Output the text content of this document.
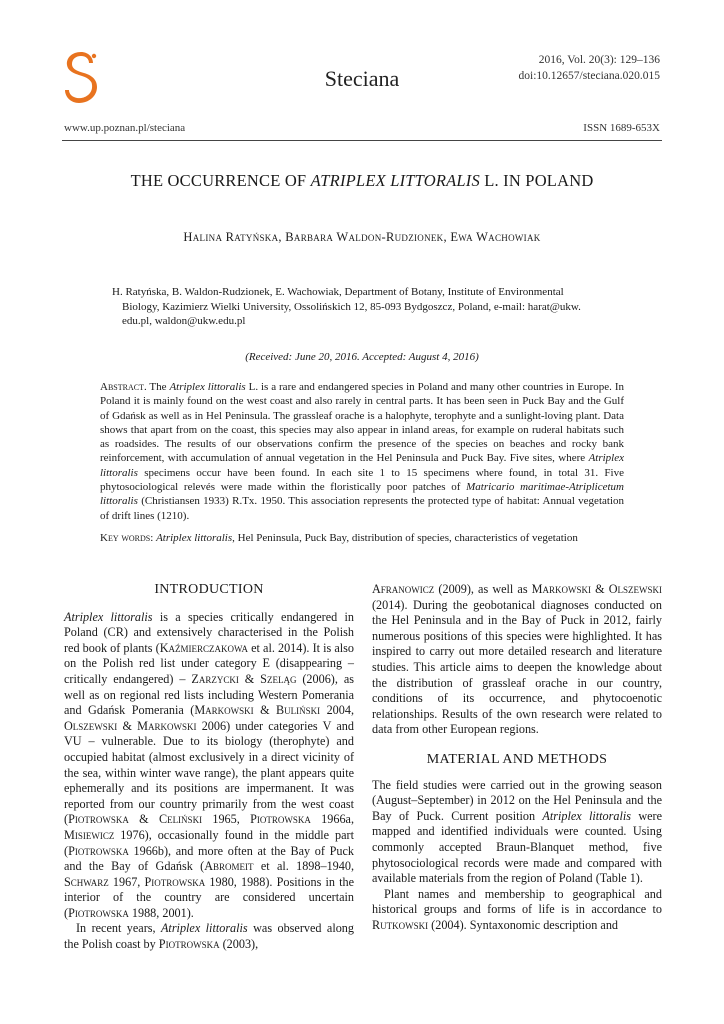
Steciana
2016, Vol. 20(3): 129–136
doi:10.12657/steciana.020.015
www.up.poznan.pl/steciana	ISSN 1689-653X
THE OCCURRENCE OF ATRIPLEX LITTORALIS L. IN POLAND
Halina Ratyńska, Barbara Waldon-Rudzionek, Ewa Wachowiak
H. Ratyńska, B. Waldon-Rudzionek, E. Wachowiak, Department of Botany, Institute of Environmental
Biology, Kazimierz Wielki University, Ossolińskich 12, 85-093 Bydgoszcz, Poland, e-mail: harat@ukw.
edu.pl, waldon@ukw.edu.pl
(Received: June 20, 2016. Accepted: August 4, 2016)
Abstract. The Atriplex littoralis L. is a rare and endangered species in Poland and many other countries in Europe. In Poland it is mainly found on the west coast and also rarely in central parts. It has been seen in Puck Bay and the Gulf of Gdańsk as well as in Hel Peninsula. The grassleaf orache is a halophyte, terophyte and a sunlight-loving plant. Data shows that apart from on the coast, this species may also appear in inland areas, for example on ruderal habitats such as roadsides. The results of our observations confirm the presence of the species on beaches and rocky bank reinforcement, with accumulation of annual vegetation in the Hel Peninsula and Puck Bay. Five sites, where Atriplex littoralis specimens occur have been found. In each site 1 to 15 specimens where found, in total 31. Five phytosociological relevés were made within the floristically poor patches of Matricario maritimae-Atriplicetum littoralis (Christiansen 1933) R.Tx. 1950. This association represents the protected type of habitat: Annual vegetation of drift lines (1210).
Key words: Atriplex littoralis, Hel Peninsula, Puck Bay, distribution of species, characteristics of vegetation
INTRODUCTION

Atriplex littoralis is a species critically endangered in Poland (CR) and extensively characterised in the Polish red book of plants (Kaźmierczakowa et al. 2014). It is also on the Polish red list under category E (disappearing – critically endangered) – Zarzycki & Szeląg (2006), as well as on regional red lists including Western Pomerania and Gdańsk Pomerania (Markowski & Buliński 2004, Olszewski & Markowski 2006) under categories V and VU – vulnerable. Due to its biology (therophyte) and occupied habitat (almost exclusively in a direct vicinity of the sea, within winter wave range), the plant appears quite ephemerally and its positions are impermanent. It was reported from our country primarily from the west coast (Piotrowska & Celiński 1965, Piotrowska 1966a, Misiewicz 1976), occasionally found in the middle part (Piotrowska 1966b), and more often at the Bay of Puck and the Bay of Gdańsk (Abromeit et al. 1898–1940, Schwarz 1967, Piotrowska 1980, 1988). Positions in the interior of the country are considered uncertain (Piotrowska 1988, 2001).

In recent years, Atriplex littoralis was observed along the Polish coast by Piotrowska (2003),

Afranowicz (2009), as well as Markowski & Olszewski (2014). During the geobotanical diagnoses conducted on the Hel Peninsula and in the Bay of Puck in 2012, fairly numerous positions of this species were highlighted. It has inspired to carry out more detailed research and literature studies. This article aims to deepen the knowledge about the distribution of grassleaf orache in our country, conditions of its occurrence, and phytocoenotic relationships. Results of the own research were related to data from other European regions.

MATERIAL AND METHODS

The field studies were carried out in the growing season (August–September) in 2012 on the Hel Peninsula and the Bay of Puck. Current position Atriplex littoralis were mapped and identified individuals were counted. Using commonly accepted Braun-Blanquet method, five phytosociological records were made and compared with available materials from the region of Poland (Table 1).

Plant names and membership to geographical and historical groups and forms of life is in accordance to Rutkowski (2004). Syntaxonomic description and
